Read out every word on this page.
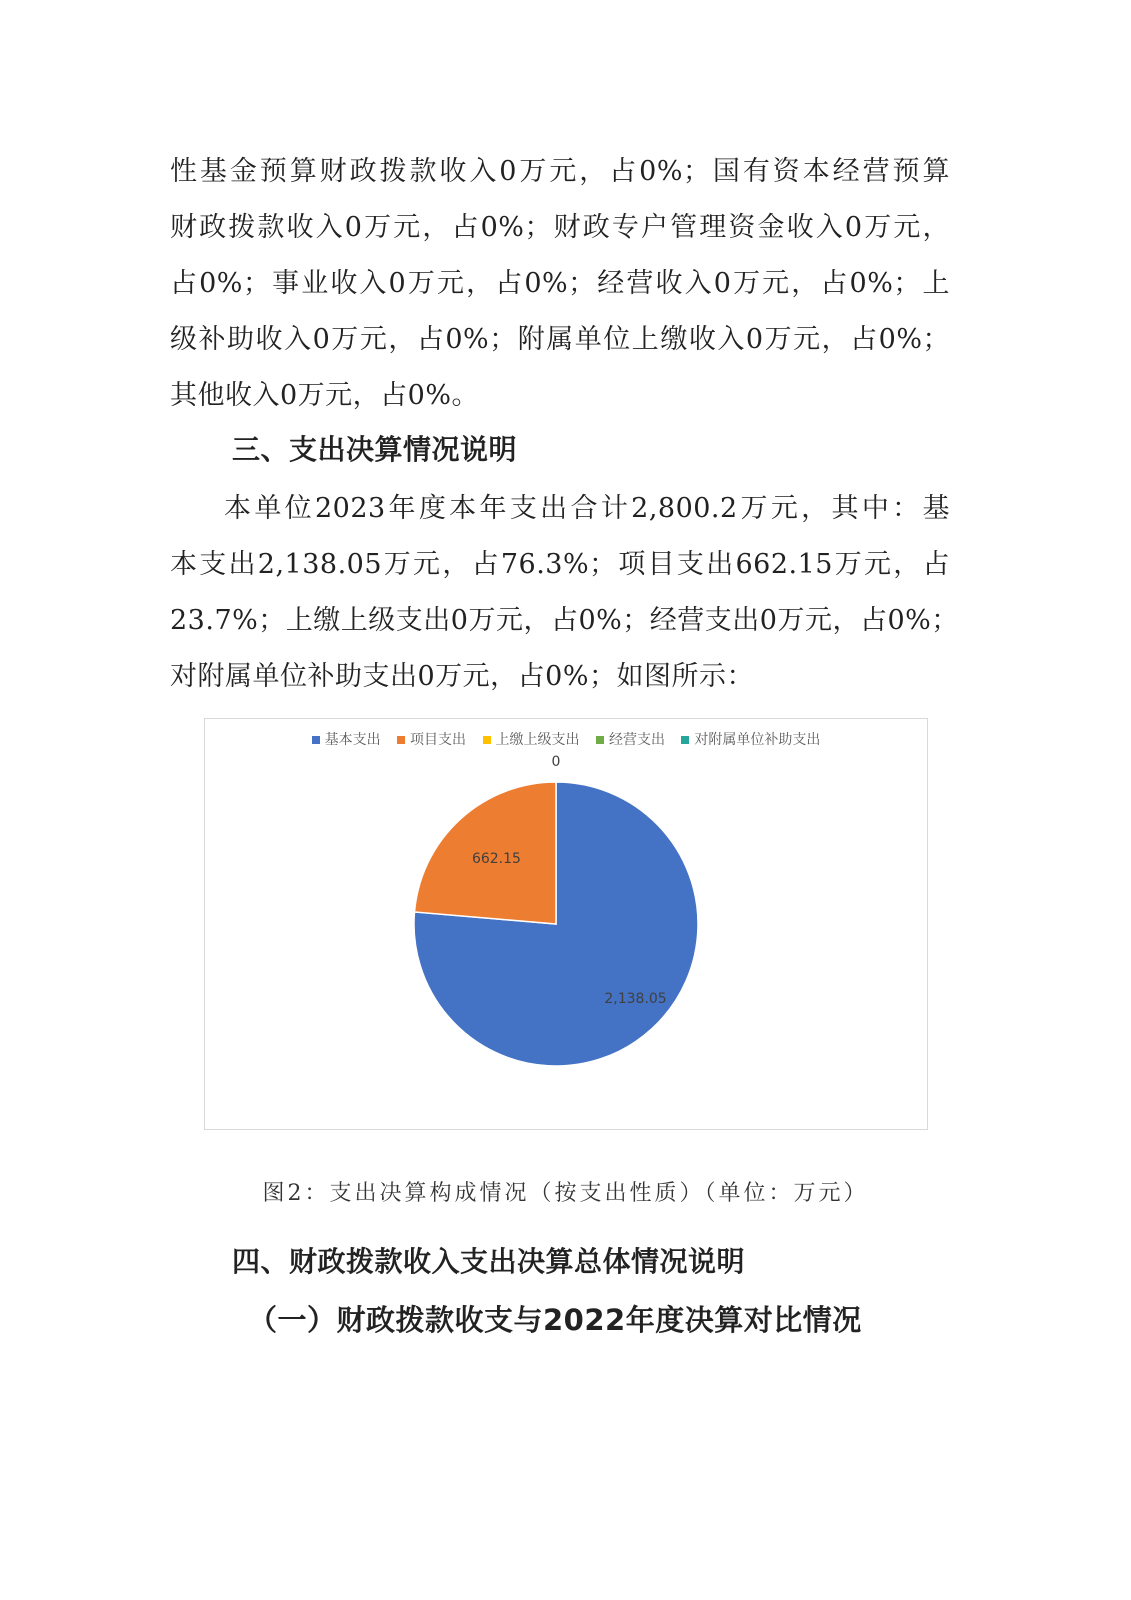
性基金预算财政拨款收入0万元，占0%；国有资本经营预算
财政拨款收入0万元，占0%；财政专户管理资金收入0万元，
占0%；事业收入0万元，占0%；经营收入0万元，占0%；上
级补助收入0万元，占0%；附属单位上缴收入0万元，占0%；
其他收入0万元，占0%。
三、支出决算情况说明
本单位2023年度本年支出合计2,800.2万元，其中：基
本支出2,138.05万元，占76.3%；项目支出662.15万元，占
23.7%；上缴上级支出0万元，占0%；经营支出0万元，占0%；
对附属单位补助支出0万元，占0%；如图所示：
基本支出 项目支出 上缴上级支出 经营支出 对附属单位补助支出
2,138.05
662.15
0
图2：支出决算构成情况（按支出性质）（单位：万元）
四、财政拨款收入支出决算总体情况说明
（一）财政拨款收支与2022年度决算对比情况
